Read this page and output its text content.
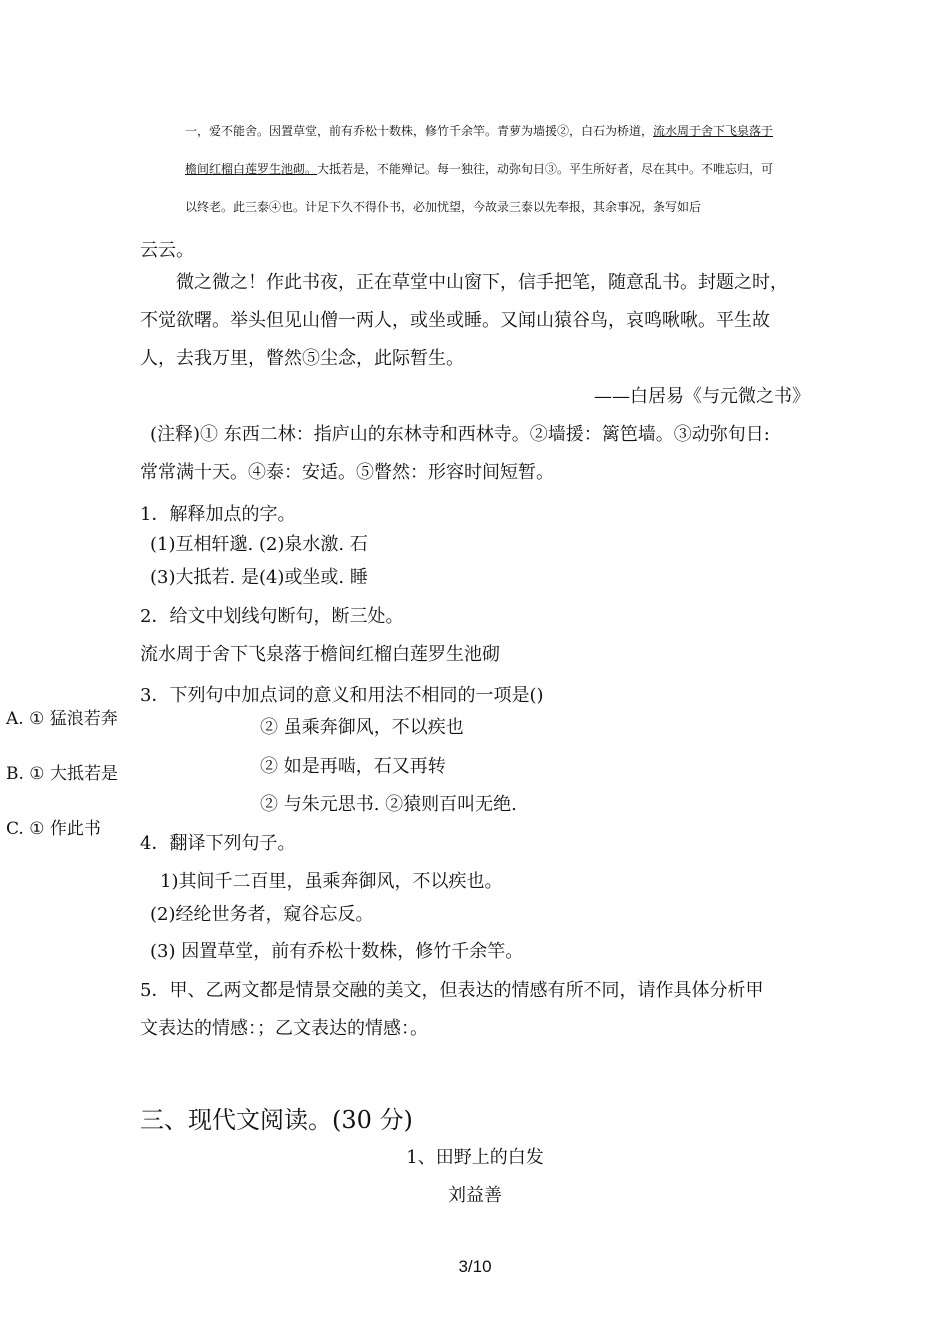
一，爱不能舍。因置草堂，前有乔松十数株，修竹千余竿。青萝为墙援②，白石为桥道，流水周于舍下飞泉落于
檐间红榴白莲罗生池砌。大抵若是，不能殚记。每一独往，动弥旬日③。平生所好者，尽在其中。不唯忘归，可
以终老。此三泰④也。计足下久不得仆书，必加忧望，今故录三泰以先奉报，其余事况，条写如后
云云。
微之微之！作此书夜，正在草堂中山窗下，信手把笔，随意乱书。封题之时，
不觉欲曙。举头但见山僧一两人，或坐或睡。又闻山猿谷鸟，哀鸣啾啾。平生故
人，去我万里，瞥然⑤尘念，此际暂生。
——白居易《与元微之书》
(注释)① 东西二林：指庐山的东林寺和西林寺。②墙援：篱笆墙。③动弥旬日:
常常满十天。④泰：安适。⑤瞥然：形容时间短暂。
1．解释加点的字。
(1)互相轩邈. (2)泉水激. 石
(3)大抵若. 是(4)或坐或. 睡
2．给文中划线句断句，断三处。
流水周于舍下飞泉落于檐间红榴白莲罗生池砌
3．下列句中加点词的意义和用法不相同的一项是()
A. ① 猛浪若奔
B. ① 大抵若是
C. ① 作此书
② 虽乘奔御风，不以疾也
② 如是再啮，石又再转
② 与朱元思书. ②猿则百叫无绝.
4．翻译下列句子。
1)其间千二百里，虽乘奔御风，不以疾也。
(2)经纶世务者，窥谷忘反。
(3) 因置草堂，前有乔松十数株，修竹千余竿。
5．甲、乙两文都是情景交融的美文，但表达的情感有所不同，请作具体分析甲
文表达的情感：；乙文表达的情感：。
三、现代文阅读。(30 分)
1、田野上的白发
刘益善
3/10
